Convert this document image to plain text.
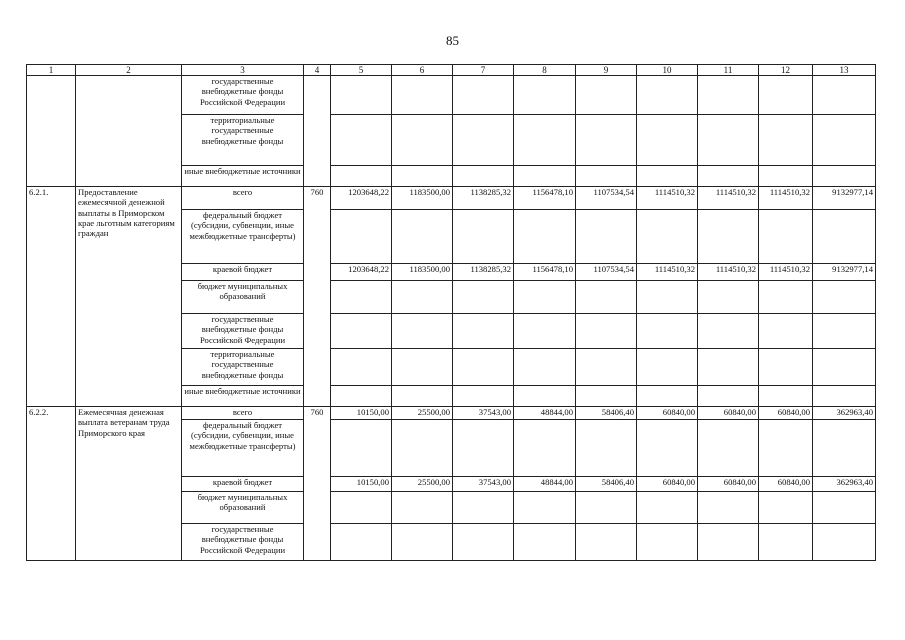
85
1	2	3	4	5	6	7	8	9	10	11	12	13
		государственные внебюджетные фонды Российской Федерации										
		территориальные государственные внебюджетные фонды										
		иные внебюджетные источники										
6.2.1.	Предоставление ежемесячной денежной выплаты в Приморском крае льготным категориям граждан	всего	760	1203648,22	1183500,00	1138285,32	1156478,10	1107534,54	1114510,32	1114510,32	1114510,32	9132977,14
		федеральный бюджет (субсидии, субвенции, иные межбюджетные трансферты)										
		краевой бюджет		1203648,22	1183500,00	1138285,32	1156478,10	1107534,54	1114510,32	1114510,32	1114510,32	9132977,14
		бюджет муниципальных образований										
		государственные внебюджетные фонды Российской Федерации										
		территориальные государственные внебюджетные фонды										
		иные внебюджетные источники										
6.2.2.	Ежемесячная денежная выплата ветеранам труда Приморского края	всего	760	10150,00	25500,00	37543,00	48844,00	58406,40	60840,00	60840,00	60840,00	362963,40
		федеральный бюджет (субсидии, субвенции, иные межбюджетные трансферты)										
		краевой бюджет		10150,00	25500,00	37543,00	48844,00	58406,40	60840,00	60840,00	60840,00	362963,40
		бюджет муниципальных образований										
		государственные внебюджетные фонды Российской Федерации										
